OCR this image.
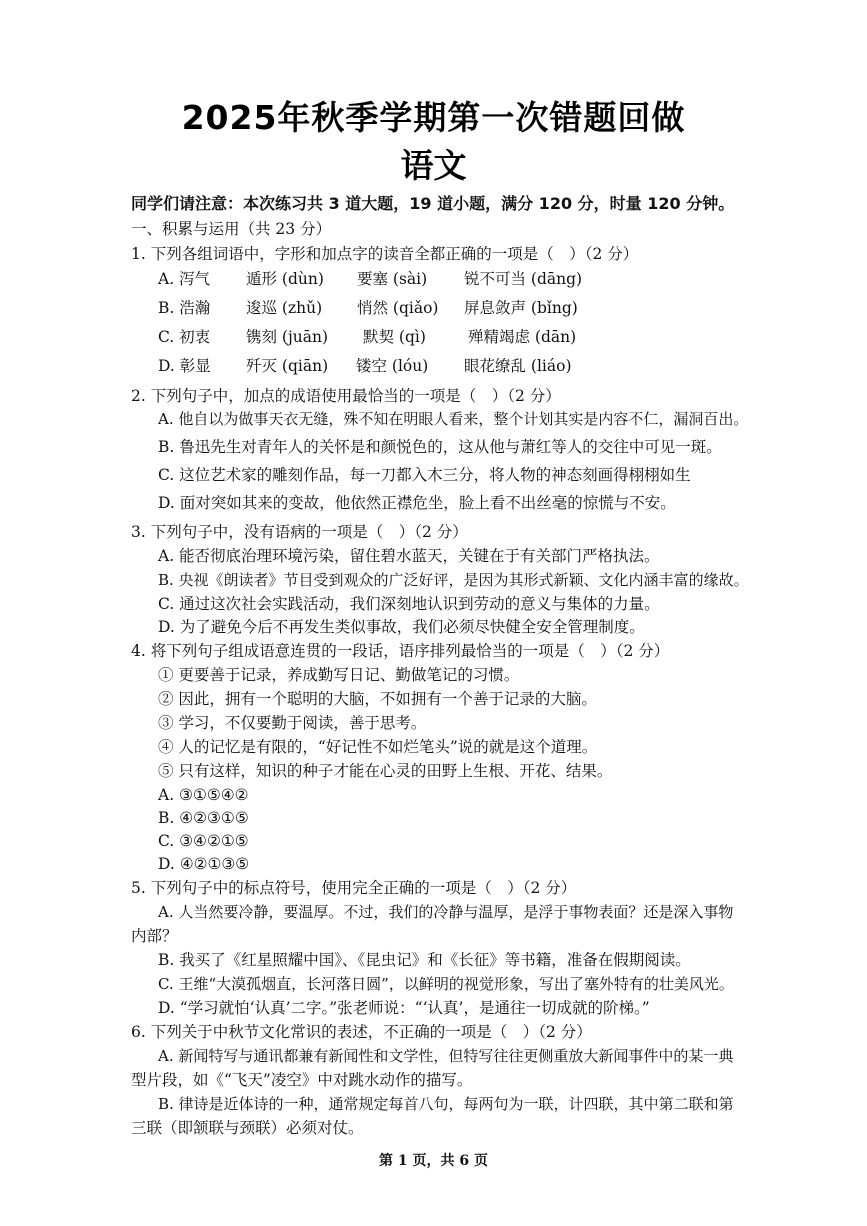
2025年秋季学期第一次错题回做
语文
同学们请注意：本次练习共 3 道大题，19 道小题，满分 120 分，时量 120 分钟。
一、积累与运用（共 23 分）
1. 下列各组词语中，字形和加点字的读音全都正确的一项是（　）（2 分）
A. 泻气 遁形 (dùn) 要塞 (sài) 锐不可当 (dāng)
B. 浩瀚 逡巡 (zhǔ) 悄然 (qiǎo) 屏息敛声 (bǐng)
C. 初衷 镌刻 (juān) 默契 (qì)	殚精竭虑 (dān)
D. 彰显 歼灭 (qiān) 镂空 (lóu) 眼花缭乱 (liáo)
2. 下列句子中，加点的成语使用最恰当的一项是（　）（2 分）
A. 他自以为做事天衣无缝，殊不知在明眼人看来，整个计划其实是内容不仁，漏洞百出。
B. 鲁迅先生对青年人的关怀是和颜悦色的，这从他与萧红等人的交往中可见一斑。
C. 这位艺术家的雕刻作品，每一刀都入木三分，将人物的神态刻画得栩栩如生
D. 面对突如其来的变故，他依然正襟危坐，脸上看不出丝毫的惊慌与不安。
3. 下列句子中，没有语病的一项是（　）（2 分）
A. 能否彻底治理环境污染，留住碧水蓝天，关键在于有关部门严格执法。
B. 央视《朗读者》节目受到观众的广泛好评，是因为其形式新颖、文化内涵丰富的缘故。
C. 通过这次社会实践活动，我们深刻地认识到劳动的意义与集体的力量。
D. 为了避免今后不再发生类似事故，我们必须尽快健全安全管理制度。
4. 将下列句子组成语意连贯的一段话，语序排列最恰当的一项是（　）（2 分）
① 更要善于记录，养成勤写日记、勤做笔记的习惯。
② 因此，拥有一个聪明的大脑，不如拥有一个善于记录的大脑。
③ 学习，不仅要勤于阅读，善于思考。
④ 人的记忆是有限的，“好记性不如烂笔头”说的就是这个道理。
⑤ 只有这样，知识的种子才能在心灵的田野上生根、开花、结果。
A. ③①⑤④②
B. ④②③①⑤
C. ③④②①⑤
D. ④②①③⑤
5. 下列句子中的标点符号，使用完全正确的一项是（　）（2 分）
A. 人当然要冷静，要温厚。不过，我们的冷静与温厚，是浮于事物表面？还是深入事物
内部？
B. 我买了《红星照耀中国》、《昆虫记》和《长征》等书籍，准备在假期阅读。
C. 王维“大漠孤烟直，长河落日圆”，以鲜明的视觉形象，写出了塞外特有的壮美风光。
D. “学习就怕‘认真’二字。”张老师说：“‘认真’，是通往一切成就的阶梯。”
6. 下列关于中秋节文化常识的表述，不正确的一项是（　）（2 分）
A. 新闻特写与通讯都兼有新闻性和文学性，但特写往往更侧重放大新闻事件中的某一典
型片段，如《“飞天”凌空》中对跳水动作的描写。
B. 律诗是近体诗的一种，通常规定每首八句，每两句为一联，计四联，其中第二联和第
三联（即颔联与颈联）必须对仗。
第 1 页，共 6 页
